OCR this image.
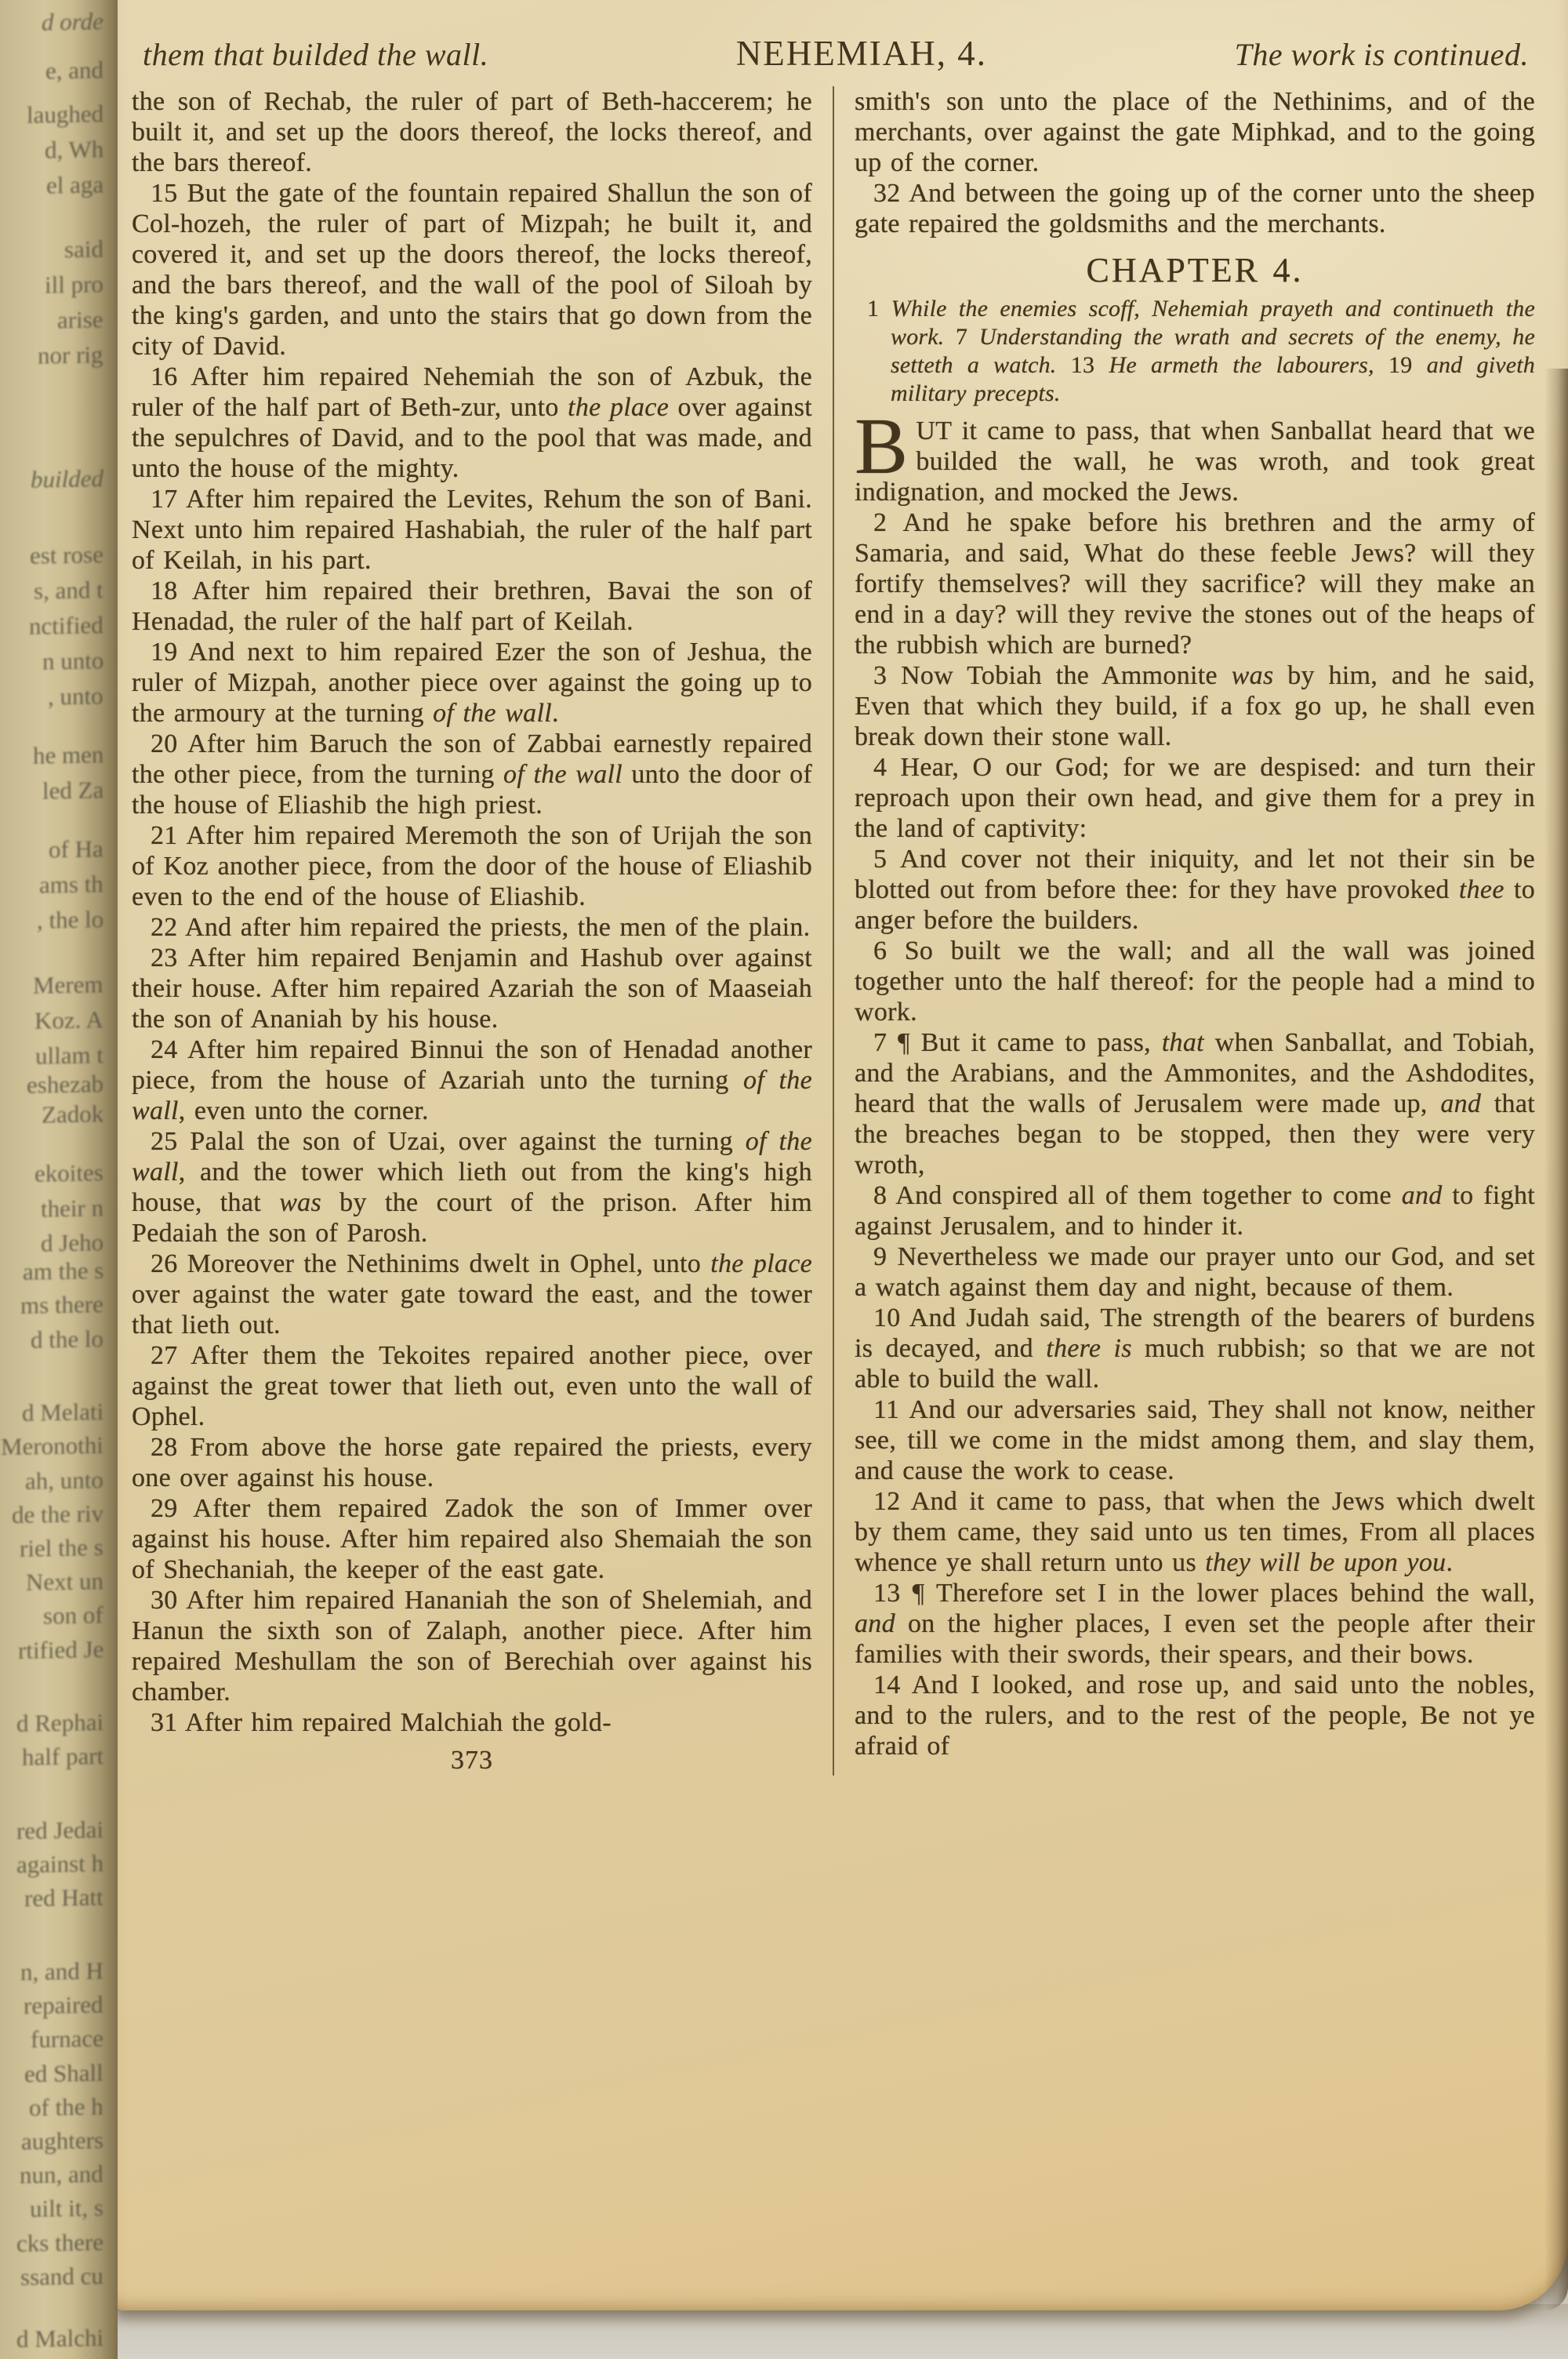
d orde
e, and
laughed
d, Wh
el aga
said
ill pro
arise
nor rig
builded
est rose
s, and t
nctified
n unto
, unto
he men
led Za
of Ha
ams th
, the lo
Merem
Koz. A
ullam t
eshezab
Zadok
ekoites
their n
d Jeho
am the s
ms there
d the lo
d Melati
Meronothi
ah, unto
de the riv
riel the s
Next un
son of
rtified Je
d Rephai
half part
red Jedai
against h
red Hatt
n, and H
repaired
furnace
ed Shall
of the h
aughters
nun, and
uilt it, s
cks there
ssand cu
d Malchi
them that builded the wall.	NEHEMIAH, 4.	The work is continued.

the son of Rechab, the ruler of part of Beth-haccerem; he built it, and set up the doors thereof, the locks thereof, and the bars thereof.

15 But the gate of the fountain repaired Shallun the son of Col-hozeh, the ruler of part of Mizpah; he built it, and covered it, and set up the doors thereof, the locks thereof, and the bars thereof, and the wall of the pool of Siloah by the king's garden, and unto the stairs that go down from the city of David.

16 After him repaired Nehemiah the son of Azbuk, the ruler of the half part of Beth-zur, unto the place over against the sepulchres of David, and to the pool that was made, and unto the house of the mighty.

17 After him repaired the Levites, Rehum the son of Bani. Next unto him repaired Hashabiah, the ruler of the half part of Keilah, in his part.

18 After him repaired their brethren, Bavai the son of Henadad, the ruler of the half part of Keilah.

19 And next to him repaired Ezer the son of Jeshua, the ruler of Mizpah, another piece over against the going up to the armoury at the turning of the wall.

20 After him Baruch the son of Zabbai earnestly repaired the other piece, from the turning of the wall unto the door of the house of Eliashib the high priest.

21 After him repaired Meremoth the son of Urijah the son of Koz another piece, from the door of the house of Eliashib even to the end of the house of Eliashib.

22 And after him repaired the priests, the men of the plain.

23 After him repaired Benjamin and Hashub over against their house. After him repaired Azariah the son of Maaseiah the son of Ananiah by his house.

24 After him repaired Binnui the son of Henadad another piece, from the house of Azariah unto the turning of the wall, even unto the corner.

25 Palal the son of Uzai, over against the turning of the wall, and the tower which lieth out from the king's high house, that was by the court of the prison. After him Pedaiah the son of Parosh.

26 Moreover the Nethinims dwelt in Ophel, unto the place over against the water gate toward the east, and the tower that lieth out.

27 After them the Tekoites repaired another piece, over against the great tower that lieth out, even unto the wall of Ophel.

28 From above the horse gate repaired the priests, every one over against his house.

29 After them repaired Zadok the son of Immer over against his house. After him repaired also Shemaiah the son of Shechaniah, the keeper of the east gate.

30 After him repaired Hananiah the son of Shelemiah, and Hanun the sixth son of Zalaph, another piece. After him repaired Meshullam the son of Berechiah over against his chamber.

31 After him repaired Malchiah the gold-

373

smith's son unto the place of the Nethinims, and of the merchants, over against the gate Miphkad, and to the going up of the corner.

32 And between the going up of the corner unto the sheep gate repaired the goldsmiths and the merchants.

CHAPTER 4.

1 While the enemies scoff, Nehemiah prayeth and continueth the work. 7 Understanding the wrath and secrets of the enemy, he setteth a watch. 13 He armeth the labourers, 19 and giveth military precepts.

BUT it came to pass, that when Sanballat heard that we builded the wall, he was wroth, and took great indignation, and mocked the Jews.

2 And he spake before his brethren and the army of Samaria, and said, What do these feeble Jews? will they fortify themselves? will they sacrifice? will they make an end in a day? will they revive the stones out of the heaps of the rubbish which are burned?

3 Now Tobiah the Ammonite was by him, and he said, Even that which they build, if a fox go up, he shall even break down their stone wall.

4 Hear, O our God; for we are despised: and turn their reproach upon their own head, and give them for a prey in the land of captivity:

5 And cover not their iniquity, and let not their sin be blotted out from before thee: for they have provoked thee to anger before the builders.

6 So built we the wall; and all the wall was joined together unto the half thereof: for the people had a mind to work.

7 ¶ But it came to pass, that when Sanballat, and Tobiah, and the Arabians, and the Ammonites, and the Ashdodites, heard that the walls of Jerusalem were made up, and that the breaches began to be stopped, then they were very wroth,

8 And conspired all of them together to come and to fight against Jerusalem, and to hinder it.

9 Nevertheless we made our prayer unto our God, and set a watch against them day and night, because of them.

10 And Judah said, The strength of the bearers of burdens is decayed, and there is much rubbish; so that we are not able to build the wall.

11 And our adversaries said, They shall not know, neither see, till we come in the midst among them, and slay them, and cause the work to cease.

12 And it came to pass, that when the Jews which dwelt by them came, they said unto us ten times, From all places whence ye shall return unto us they will be upon you.

13 ¶ Therefore set I in the lower places behind the wall, and on the higher places, I even set the people after their families with their swords, their spears, and their bows.

14 And I looked, and rose up, and said unto the nobles, and to the rulers, and to the rest of the people, Be not ye afraid of
